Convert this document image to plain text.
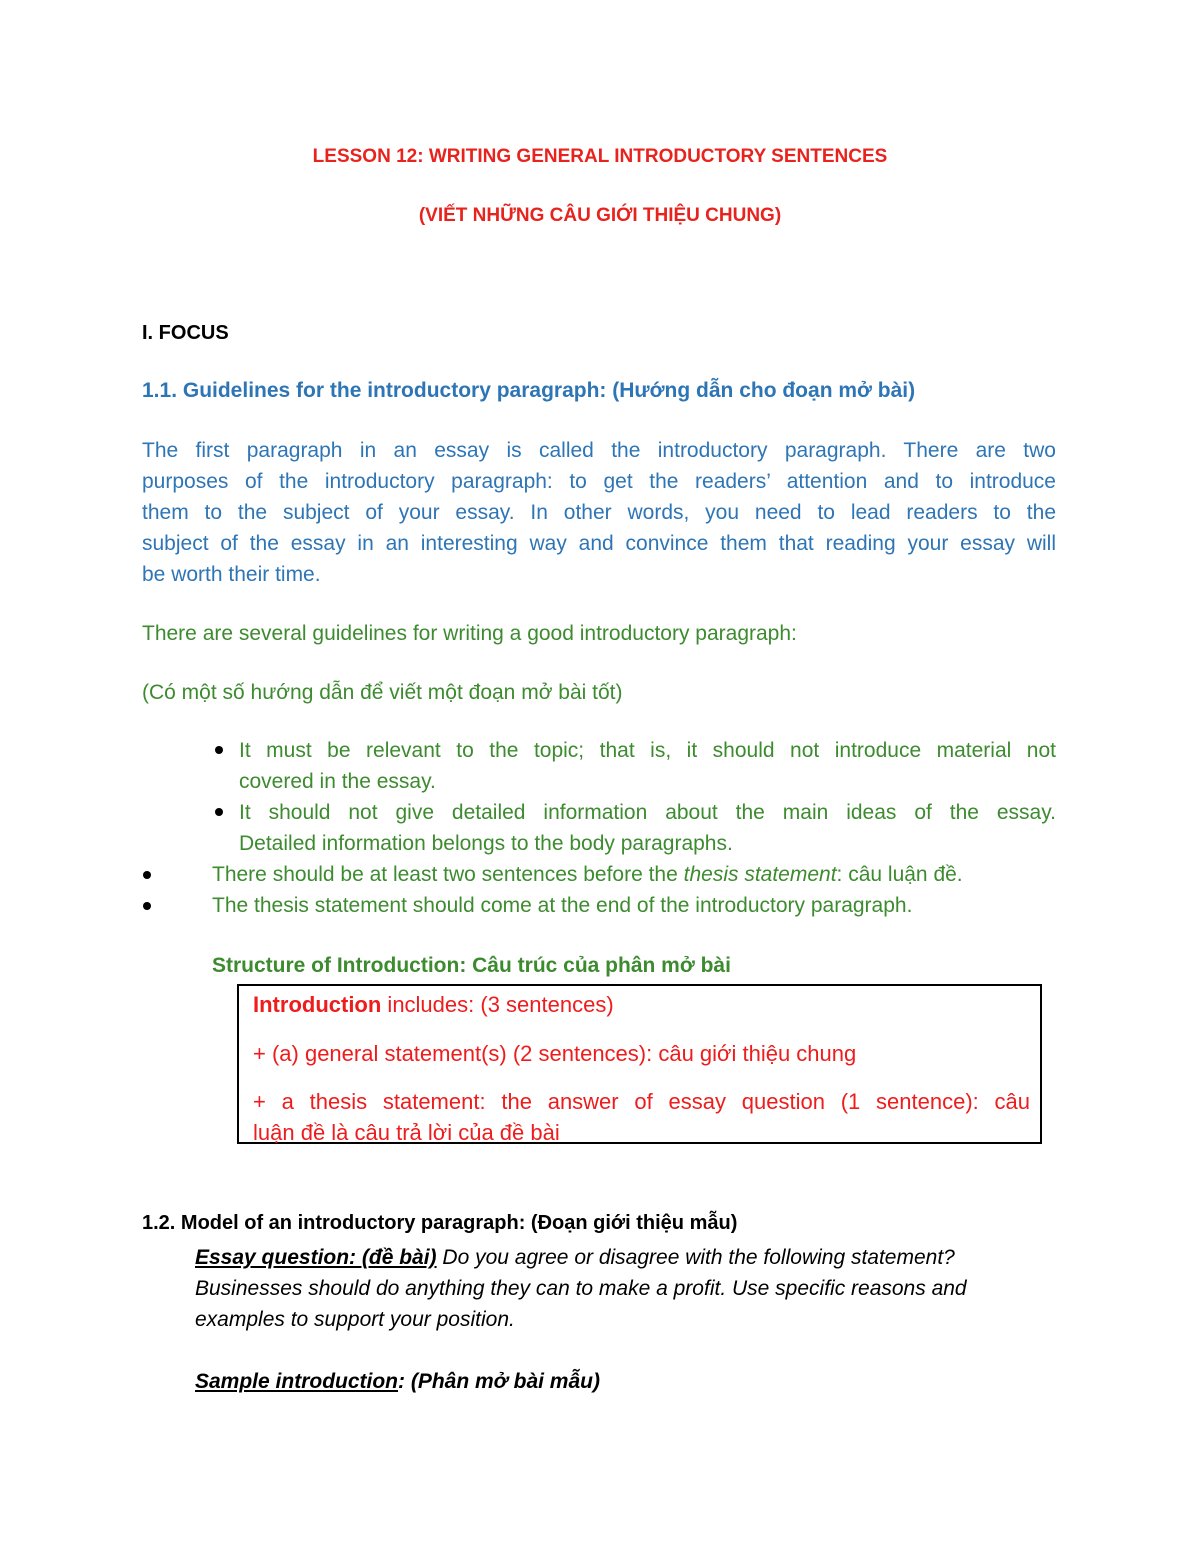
LESSON 12: WRITING GENERAL INTRODUCTORY SENTENCES
(VIẾT NHỮNG CÂU GIỚI THIỆU CHUNG)
I. FOCUS
1.1. Guidelines for the introductory paragraph: (Hướng dẫn cho đoạn mở bài)
The first paragraph in an essay is called the introductory paragraph. There are two
purposes of the introductory paragraph: to get the readers’ attention and to introduce
them to the subject of your essay. In other words, you need to lead readers to the
subject of the essay in an interesting way and convince them that reading your essay will
be worth their time.
There are several guidelines for writing a good introductory paragraph:
(Có một số hướng dẫn để viết một đoạn mở bài tốt)
It must be relevant to the topic; that is, it should not introduce material not
covered in the essay.
It should not give detailed information about the main ideas of the essay.
Detailed information belongs to the body paragraphs.
There should be at least two sentences before the thesis statement: câu luận đề.
The thesis statement should come at the end of the introductory paragraph.
Structure of Introduction: Câu trúc của phân mở bài
Introduction includes: (3 sentences)
+ (a) general statement(s) (2 sentences): câu giới thiệu chung
+ a thesis statement: the answer of essay question (1 sentence): câu
luận đề là câu trả lời của đề bài
1.2. Model of an introductory paragraph: (Đoạn giới thiệu mẫu)
Essay question: (đề bài) Do you agree or disagree with the following statement?
Businesses should do anything they can to make a profit. Use specific reasons and
examples to support your position.
Sample introduction: (Phân mở bài mẫu)
